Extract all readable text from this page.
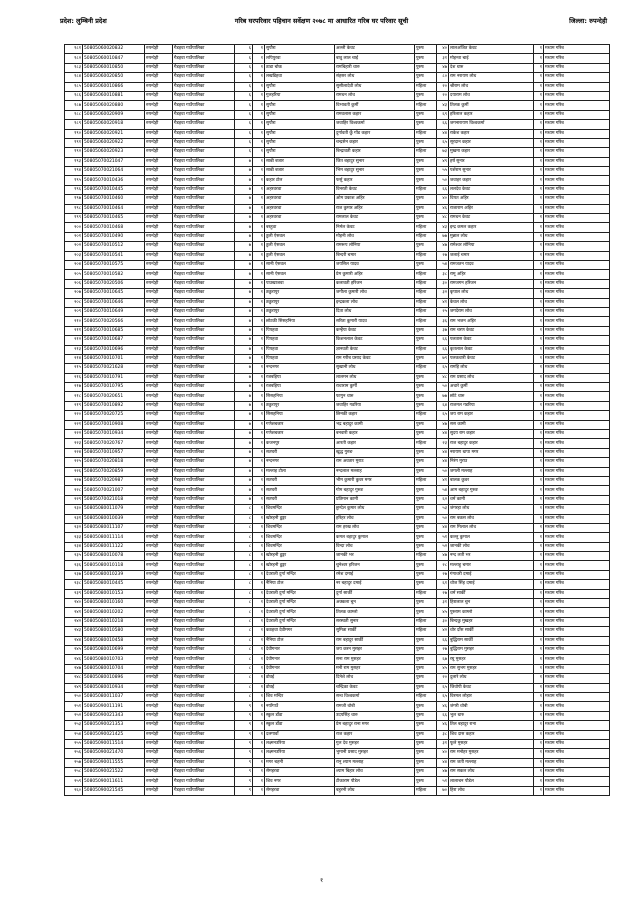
प्रदेश: लुम्बिनी प्रदेश	गरिब घरपरिवार पहिचान सर्वेक्षण २०७८ मा आधारित गरिब घर परिवार सूची	जिल्ला: रुपन्देही
१८१	50805060020832	रुपन्देही	गैडहवा गाउँपालिका	६	१	सुपौरा	अल्ली केवट	पुरुष	४०	लालअजित केवट	१	मध्यम गरिब
१८२	50805060010847	रुपन्देही	गैडहवा गाउँपालिका	६	१	लपिपुरवा	बावु लाल चाई	पुरुष	३१	मोहन्ता चाई	१	मध्यम गरिब
१८३	50805060010850	रुपन्देही	गैडहवा गाउँपालिका	६	१	ठाडा चोक	रामबिहारी थारु	पुरुष	४७	देश थारु	१	मध्यम गरिब
१८४	50805060020850	रुपन्देही	गैडहवा गाउँपालिका	६	१	लखडिहवा	संहसर लोध	पुरुष	८०	राम नरायण लोध	१	मध्यम गरिब
१८५	50805060010866	रुपन्देही	गैडहवा गाउँपालिका	६	१	सुपौरा	सुसीलादेवी लोध	महिला	२०	श्रीराम लोध	१	मध्यम गरिब
१८६	50805060010881	रुपन्देही	गैडहवा गाउँपालिका	६	१	गुलहरिया	रामधन लोध	पुरुष	२०	दयाराम लोध	१	मध्यम गरिब
१८७	50805060020880	रुपन्देही	गैडहवा गाउँपालिका	६	१	सुपौरा	विभावती कुर्मी	महिला	४३	तिलक कुर्मी	१	मध्यम गरिब
१८८	50805060020909	रुपन्देही	गैडहवा गाउँपालिका	६	१	सुपौरा	रामवलास कहार	पुरुष	६९	हरिलाल कहार	१	मध्यम गरिब
१८९	50805060020918	रुपन्देही	गैडहवा गाउँपालिका	६	१	सुपौरा	जवाहिर विश्वकर्मा	पुरुष	६६	जगनारायण विश्वकर्मा	१	मध्यम गरिब
१९०	50805060020921	रुपन्देही	गैडहवा गाउँपालिका	६	१	सुपौरा	दुर्गावती कुँ गोंड कहार	महिला	४४	राकेश कहार	१	मध्यम गरिब
१९१	50805060020922	रुपन्देही	गैडहवा गाउँपालिका	६	१	सुपौरा	चन्द्रसेन कहार	पुरुष	६५	सूरदान कहार	१	मध्यम गरिब
१९२	50805060020923	रुपन्देही	गैडहवा गाउँपालिका	६	१	सुपौरा	बिन्द्रावती कहार	महिला	७३	मुखमा कहार	१	मध्यम गरिब
१९३	50805070021047	रुपन्देही	गैडहवा गाउँपालिका	७	१	सान्नी बजार	जित बहादुर सुनार	पुरुष	४९	हर्ष सुनार	१	मध्यम गरिब
१९४	50805070021064	रुपन्देही	गैडहवा गाउँपालिका	७	१	सान्नी बजार	भिम बहादुर सुनार	पुरुष	५५	पर्शराम सुनार	१	मध्यम गरिब
१९५	50805070010436	रुपन्देही	गैडहवा गाउँपालिका	७	१	कहार टोल	फर्सु कहार	पुरुष	५०	जवाहर कहार	१	मध्यम गरिब
१९६	50805070010445	रुपन्देही	गैडहवा गाउँपालिका	७	१	अहरवरवा	विनरती केवट	महिला	६६	ललदेव केवट	१	मध्यम गरिब
१९७	50805070010460	रुपन्देही	गैडहवा गाउँपालिका	७	१	अहरवरवा	ओम प्रकाश अहिर	पुरुष	४०	विपत अहिर	१	मध्यम गरिब
१९८	50805070010464	रुपन्देही	गैडहवा गाउँपालिका	७	१	अहरवरवा	राज कुमार अहिर	पुरुष	४६	राजाराम अहिर	१	मध्यम गरिब
१९९	50805070010465	रुपन्देही	गैडहवा गाउँपालिका	७	१	अहरवरवा	रामलाल केवट	पुरुष	४८	रामधन केवट	१	मध्यम गरिब
२००	50805070010468	रुपन्देही	गैडहवा गाउँपालिका	७	१	बरहुवा	निर्मल केवट	महिला	४३	इन्द्र कमल कहार	१	मध्यम गरिब
२०१	50805070010490	रुपन्देही	गैडहवा गाउँपालिका	७	१	ठुली ऐसवल	मोहनी लोध	महिला	७७	मुन्नाल लोध	१	मध्यम गरिब
२०२	50805070010512	रुपन्देही	गैडहवा गाउँपालिका	७	१	ठुली ऐसवल	रामरूप लोनिया	पुरुष	४७	रामेश्वर लोनिया	१	मध्यम गरिब
२०३	50805070010541	रुपन्देही	गैडहवा गाउँपालिका	७	१	ठुली ऐसवल	बिन्दरी चमार	महिला	२७	जलाई चमार	१	मध्यम गरिब
२०४	50805070010575	रुपन्देही	गैडहवा गाउँपालिका	७	१	सानी ऐसवल	जयसिल यादव	पुरुष	५४	रामजतन यादव	१	मध्यम गरिब
२०५	50805070010582	रुपन्देही	गैडहवा गाउँपालिका	७	१	सानी ऐसवल	प्रेम कुमारी अहिर	महिला	३८	रामू अहिर	१	मध्यम गरिब
२०६	50805070020506	रुपन्देही	गैडहवा गाउँपालिका	७	१	पाउखाजवा	कलावती हरिजन	महिला	३०	रामजगन हरिजन	१	मध्यम गरिब
२०७	50805070010645	रुपन्देही	गैडहवा गाउँपालिका	७	१	ठकुरापुर	जगौला कुमारी लोध	महिला	३२	कृपाल लोध	१	मध्यम गरिब
२०८	50805070010646	रुपन्देही	गैडहवा गाउँपालिका	७	१	ठकुरापुर	इन्द्रकला लोध	महिला	४१	केवल लोध	१	मध्यम गरिब
२०९	50805070010649	रुपन्देही	गैडहवा गाउँपालिका	७	१	ठकुरापुर	दिता लोध	महिला	२५	जगदेराम लोध	१	मध्यम गरिब
२१०	50805070020566	रुपन्देही	गैडहवा गाउँपालिका	७	१	छोटकी सिसहनिया	सरिता कुमारी यादव	महिला	३६	राम भजन अहिर	१	मध्यम गरिब
२११	50805070010685	रुपन्देही	गैडहवा गाउँपालिका	७	१	पिपहवा	कन्हैया केवट	पुरुष	३७	राम चरण केवट	१	मध्यम गरिब
२१२	50805070010687	रुपन्देही	गैडहवा गाउँपालिका	७	१	पिपहवा	किशनलाल केवट	पुरुष	६६	पलतास केवट	१	मध्यम गरिब
२१३	50805070010696	रुपन्देही	गैडहवा गाउँपालिका	७	१	पिपहवा	ज्ञानवती केवट	महिला	६६	कृतलाल केवट	१	मध्यम गरिब
२१४	50805070010701	रुपन्देही	गैडहवा गाउँपालिका	७	१	पिपहवा	राम गरीब प्रसाद केवट	पुरुष	७९	पलकधारी केवट	१	मध्यम गरिब
२१५	50805070021628	रुपन्देही	गैडहवा गाउँपालिका	७	१	नन्दनगर	सुखानी लोध	महिला	६५	रामहि लोध	१	मध्यम गरिब
२१६	50805070010791	रुपन्देही	गैडहवा गाउँपालिका	७	१	रजबहिया	लालमन लोध	पुरुष	४८	राम प्रसाद लोध	१	मध्यम गरिब
२१७	50805070010795	रुपन्देही	गैडहवा गाउँपालिका	७	१	रजबहिया	राधाराम कुर्मी	पुरुष	५०	अधारे कुर्मी	१	मध्यम गरिब
२१८	50805070020651	रुपन्देही	गैडहवा गाउँपालिका	७	१	सिसहनिया	फागुन थारु	पुरुष	७७	छोटे थारु	१	मध्यम गरिब
२१९	50805070010892	रुपन्देही	गैडहवा गाउँपालिका	७	१	ठकुरापुर	जवाहिर गडरिया	पुरुष	६४	राजमल गडरिया	१	मध्यम गरिब
२२०	50805070020725	रुपन्देही	गैडहवा गाउँपालिका	७	१	सिसहनिया	छिनकी कहार	महिला	६५	जय राम कहार	१	मध्यम गरिब
२२१	50805070010908	रुपन्देही	गैडहवा गाउँपालिका	७	१	गणेशबजार	भद्र बहादुर कामी	पुरुष	४७	सस कामी	१	मध्यम गरिब
२२२	50805070010934	रुपन्देही	गैडहवा गाउँपालिका	७	१	गणेशबजार	बनवारी कहार	पुरुष	४४	सुदय राम कहार	१	मध्यम गरिब
२२३	50805070020767	रुपन्देही	गैडहवा गाउँपालिका	७	१	कजनपुर	आरती कहार	महिला	२३	राज बहादुर कहार	१	मध्यम गरिब
२२४	50805070010957	रुपन्देही	गैडहवा गाउँपालिका	७	१	सतघरी	खुद्ध गुरुङ	पुरुष	४४	नरायण थापा मगर	१	मध्यम गरिब
२२५	50805070020818	रुपन्देही	गैडहवा गाउँपालिका	७	१	नन्दनगर	राम अवतार मुराउ	पुरुष	४४	निरंग मुराउ	१	मध्यम गरिब
२२६	50805070020859	रुपन्देही	गैडहवा गाउँपालिका	७	१	मल्लाह टोला	नन्दलाल मल्लाह	पुरुष	५०	जगली मल्लाह	१	मध्यम गरिब
२२७	50805070020987	रुपन्देही	गैडहवा गाउँपालिका	७	१	सतघरी	भीम कुमारी कुवर मगर	महिला	४१	बालक कुवर	१	मध्यम गरिब
२२८	50805070021007	रुपन्देही	गैडहवा गाउँपालिका	७	१	सतघरी	गोम बहादुर गुरुङ	पुरुष	५४	आम बहादुर गुरुङ	१	मध्यम गरिब
२२९	50805070021018	रुपन्देही	गैडहवा गाउँपालिका	७	१	सतघरी	प्रतिमान कामी	पुरुष	६२	धर्म कामी	१	मध्यम गरिब
२३०	50805080011079	रुपन्देही	गैडहवा गाउँपालिका	८	१	शिवमन्दिर	छुन्देल कुमार लोध	पुरुष	५३	जंगरहा लोध	१	मध्यम गरिब
२३१	50805080010039	रुपन्देही	गैडहवा गाउँपालिका	८	१	खोरहनी डुङ्गा	हरिहर लोध	पुरुष	५०	राम बकस लोध	१	मध्यम गरिब
२३२	50805080011107	रुपन्देही	गैडहवा गाउँपालिका	८	१	शिवमन्दिर	राम हरख लोध	पुरुष	४४	राम मिलाल लोध	१	मध्यम गरिब
२३३	50805080011114	रुपन्देही	गैडहवा गाउँपालिका	८	१	शिवमन्दिर	कमल बहादुर कुमाल	पुरुष	५१	कल्लु कुमाल	१	मध्यम गरिब
२३४	50805080011122	रुपन्देही	गैडहवा गाउँपालिका	८	१	शिवमन्दिर	विन्दा लोध	पुरुष	५२	जानकी लोध	१	मध्यम गरिब
२३५	50805080010078	रुपन्देही	गैडहवा गाउँपालिका	८	१	खोरहनी डुङ्गा	जानकी भर	महिला	४७	नन्द लती भर	१	मध्यम गरिब
२३६	50805080010118	रुपन्देही	गैडहवा गाउँपालिका	८	१	खोरहनी डुङ्गा	चुनेश्वर हरिजन	पुरुष	२८	मल्लाहु चमार	१	मध्यम गरिब
२३७	50805080010239	रुपन्देही	गैडहवा गाउँपालिका	८	१	देउराली दुर्गा मन्दिर	रमेश दमाई	पुरुष	२७	गंगाधरी दमाई	१	मध्यम गरिब
२३८	50805080010445	रुपन्देही	गैडहवा गाउँपालिका	८	१	नैनिया टोल	नर बहादुर दमाई	पुरुष	६१	धोज सिंह दमाई	१	मध्यम गरिब
२३९	50805080010153	रुपन्देही	गैडहवा गाउँपालिका	८	१	देउराली दुर्गा मन्दिर	दुर्गा सार्की	महिला	२७	धर्म सार्की	१	मध्यम गरिब
२४०	50805080010160	रुपन्देही	गैडहवा गाउँपालिका	८	१	देउराली दुर्गा मन्दिर	अक्कला चुन	पुरुष	३१	हिरालाल चुन	१	मध्यम गरिब
२४१	50805080010202	रुपन्देही	गैडहवा गाउँपालिका	८	१	देउराली दुर्गा मन्दिर	तिलक काम्लो	पुरुष	४५	पुरुराम काम्लो	१	मध्यम गरिब
२४२	50805080010218	रुपन्देही	गैडहवा गाउँपालिका	८	१	देउराली दुर्गा मन्दिर	सरस्वती सुनार	महिला	३०	बिन्दकु मुखहर	१	मध्यम गरिब
२४३	50805080010580	रुपन्देही	गैडहवा गाउँपालिका	८	१	कठहवा देवीमगर	सुमित्रा सार्की	महिला	४२	धोर दाँस सार्की	१	मध्यम गरिब
२४४	50805080010458	रुपन्देही	गैडहवा गाउँपालिका	८	१	नैनिया टोल	राम बहादुर सार्की	पुरुष	६६	बुद्धिराम सार्की	१	मध्यम गरिब
२४५	50805080010699	रुपन्देही	गैडहवा गाउँपालिका	८	१	देवीगनार	जय करन मुसहर	पुरुष	२७	बुद्धिराम मुसहर	१	मध्यम गरिब
२४६	50805080010703	रुपन्देही	गैडहवा गाउँपालिका	८	१	देवीगनार	सना राम मुसहर	पुरुष	६७	रघु मुसहर	१	मध्यम गरिब
२४७	50805080010704	रुपन्देही	गैडहवा गाउँपालिका	८	१	देवीगनार	मनी राम मुसहर	पुरुष	४५	राम सुभग मुसहर	१	मध्यम गरिब
२४८	50805080010896	रुपन्देही	गैडहवा गाउँपालिका	८	१	डोवई	दिनेशे लोध	पुरुष	२०	दुलारे लोध	१	मध्यम गरिब
२४९	50805080010934	रुपन्देही	गैडहवा गाउँपालिका	८	१	डोवई	चन्द्रिका केवट	पुरुष	६५	जिवोपी केवट	१	मध्यम गरिब
२५०	50805080011037	रुपन्देही	गैडहवा गाउँपालिका	८	१	शिव मन्दिर	सन्ध विश्वकर्मा	महिला	६५	विरमल लोहार	१	मध्यम गरिब
२५१	50805090011191	रुपन्देही	गैडहवा गाउँपालिका	९	१	नयाँगाउँ	रामजी धोबी	पुरुष	४६	जंगरी धोबी	१	मध्यम गरिब
२५२	50805090021343	रुपन्देही	गैडहवा गाउँपालिका	९	१	स्कुल डाँडा	उदयसिंह थारु	पुरुष	६६	भुल थारु	१	मध्यम गरिब
२५३	50805090021353	रुपन्देही	गैडहवा गाउँपालिका	९	१	स्कुल डाँडा	प्रेम बहादुर राना मगर	पुरुष	४६	तिल बहादुर राना	१	मध्यम गरिब
२५४	50805090021425	रुपन्देही	गैडहवा गाउँपालिका	९	१	दलगावाँ	राज कहार	पुरुष	३८	शिव दास कहार	१	मध्यम गरिब
२५५	50805090011514	रुपन्देही	गैडहवा गाउँपालिका	९	१	लक्ष्मनउरिया	गुल देव मुसहर	पुरुष	३१	फूले मुसहर	१	मध्यम गरिब
२५६	50805090021470	रुपन्देही	गैडहवा गाउँपालिका	९	१	लक्ष्मनउरिया	भुमानी प्रसाद मुसहर	पुरुष	४०	राम मनोहर मुसहर	१	मध्यम गरिब
२५७	50805090011555	रुपन्देही	गैडहवा गाउँपालिका	९	१	मगर चहनी	रानु श्याम मल्लाह	पुरुष	४४	राम जती मल्लाह	१	मध्यम गरिब
२५८	50805090021522	रुपन्देही	गैडहवा गाउँपालिका	९	१	सेमहरवा	श्याम बिहार लोध	पुरुष	४७	राम सकल लोध	१	मध्यम गरिब
२५९	50805090011611	रुपन्देही	गैडहवा गाउँपालिका	९	१	शिव नगर	टीकाराम पौडेल	पुरुष	५१	लालाचन पौडेल	१	मध्यम गरिब
२६०	50805090021545	रुपन्देही	गैडहवा गाउँपालिका	९	१	सेमहरवा	बहुरनी लोध	महिला	७०	हिरा लोध	१	मध्यम गरिब
१
